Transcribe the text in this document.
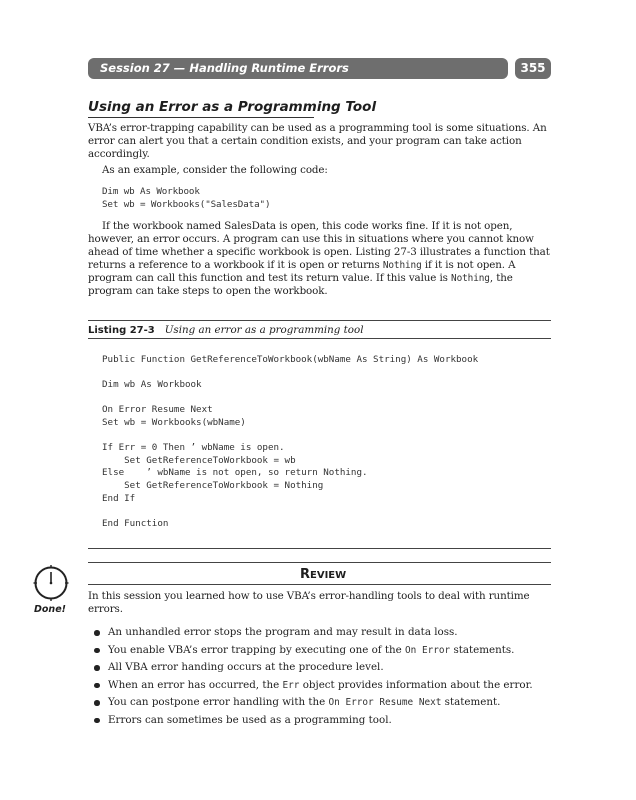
Session 27 — Handling Runtime Errors	355
Using an Error as a Programming Tool

VBA’s error-trapping capability can be used as a programming tool is some situations. An error can alert you that a certain condition exists, and your program can take action accordingly.

As an example, consider the following code:

Dim wb As Workbook
Set wb = Workbooks("SalesData")

If the workbook named SalesData is open, this code works fine. If it is not open, however, an error occurs. A program can use this in situations where you cannot know ahead of time whether a specific workbook is open. Listing 27-3 illustrates a function that returns a reference to a workbook if it is open or returns Nothing if it is not open. A program can call this function and test its return value. If this value is Nothing, the program can take steps to open the workbook.

Listing 27-3 Using an error as a programming tool
Public Function GetReferenceToWorkbook(wbName As String) As Workbook

Dim wb As Workbook

On Error Resume Next
Set wb = Workbooks(wbName)

If Err = 0 Then ’ wbName is open.
Set GetReferenceToWorkbook = wb
Else    ’ wbName is not open, so return Nothing.
Set GetReferenceToWorkbook = Nothing
End If

End Function
Done!
REVIEW
In this session you learned how to use VBA’s error-handling tools to deal with runtime errors.
An unhandled error stops the program and may result in data loss.
You enable VBA’s error trapping by executing one of the On Error statements.
All VBA error handing occurs at the procedure level.
When an error has occurred, the Err object provides information about the error.
You can postpone error handling with the On Error Resume Next statement.
Errors can sometimes be used as a programming tool.
